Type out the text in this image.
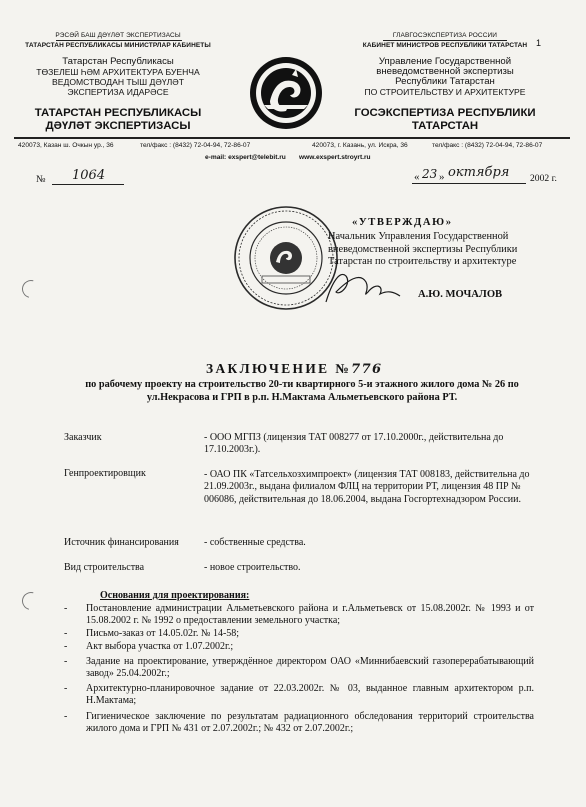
1
РЭСӘЙ БАШ ДӘҮЛӘТ ЭКСПЕРТИЗАСЫ
ТАТАРСТАН РЕСПУБЛИКАСЫ МИНИСТРЛАР КАБИНЕТЫ
Татарстан Республикасы
ТӨЗЕЛЕШ ҺӘМ АРХИТЕКТУРА БУЕНЧА
ВЕДОМСТВОДАН ТЫШ ДӘҮЛӘТ
ЭКСПЕРТИЗА ИДАРӘСЕ
ТАТАРСТАН РЕСПУБЛИКАСЫ
ДӘҮЛӘТ ЭКСПЕРТИЗАСЫ
ГЛАВГОСЭКСПЕРТИЗА РОССИИ
КАБИНЕТ МИНИСТРОВ РЕСПУБЛИКИ ТАТАРСТАН
Управление Государственной
вневедомственной экспертизы
Республики Татарстан
ПО СТРОИТЕЛЬСТВУ И АРХИТЕКТУРЕ
ГОСЭКСПЕРТИЗА РЕСПУБЛИКИ
ТАТАРСТАН
420073, Казан ш. Очкын ур., 36	тел/факс : (8432) 72-04-94, 72-86-07	420073, г. Казань, ул. Искра, 36	тел/факс : (8432) 72-04-94, 72-86-07
e-mail: exspert@telebit.ru www.exspert.stroyrt.ru
№ 1064	« 23 » октября 2002 г.
«УТВЕРЖДАЮ»
Начальник Управления Государственной
вневедомственной экспертизы Республики
Татарстан по строительству и архитектуре
А.Ю. МОЧАЛОВ
ЗАКЛЮЧЕНИЕ №776
по рабочему проекту на строительство 20-ти квартирного 5-и этажного жилого дома № 26 по ул.Некрасова и ГРП в р.п. Н.Мактама Альметьевского района РТ.
Заказчик	- ООО МГПЗ (лицензия ТАТ 008277 от 17.10.2000г., действительна до 17.10.2003г.).
Генпроектировщик	- ОАО ПК «Татсельхозхимпроект» (лицензия ТАТ 008183, действительна до 21.09.2003г., выдана филиалом ФЛЦ на территории РТ, лицензия 48 ПР № 006086, действительная до 18.06.2004, выдана Госгортехнадзором России.
Источник финансирования	- собственные средства.
Вид строительства	- новое строительство.
Основания для проектирования:
- Постановление администрации Альметьевского района и г.Альметьевск от 15.08.2002г. № 1993 и от 15.08.2002 г. № 1992 о предоставлении земельного участка;
- Письмо-заказ от 14.05.02г. № 14-58;
- Акт выбора участка от 1.07.2002г.;
- Задание на проектирование, утверждённое директором ОАО «Миннибаевский газоперерабатывающий завод» 25.04.2002г.;
- Архитектурно-планировочное задание от 22.03.2002г. № 03, выданное главным архитектором р.п. Н.Мактама;
- Гигиеническое заключение по результатам радиационного обследования территорий строительства жилого дома и ГРП № 431 от 2.07.2002г.; № 432 от 2.07.2002г.;
